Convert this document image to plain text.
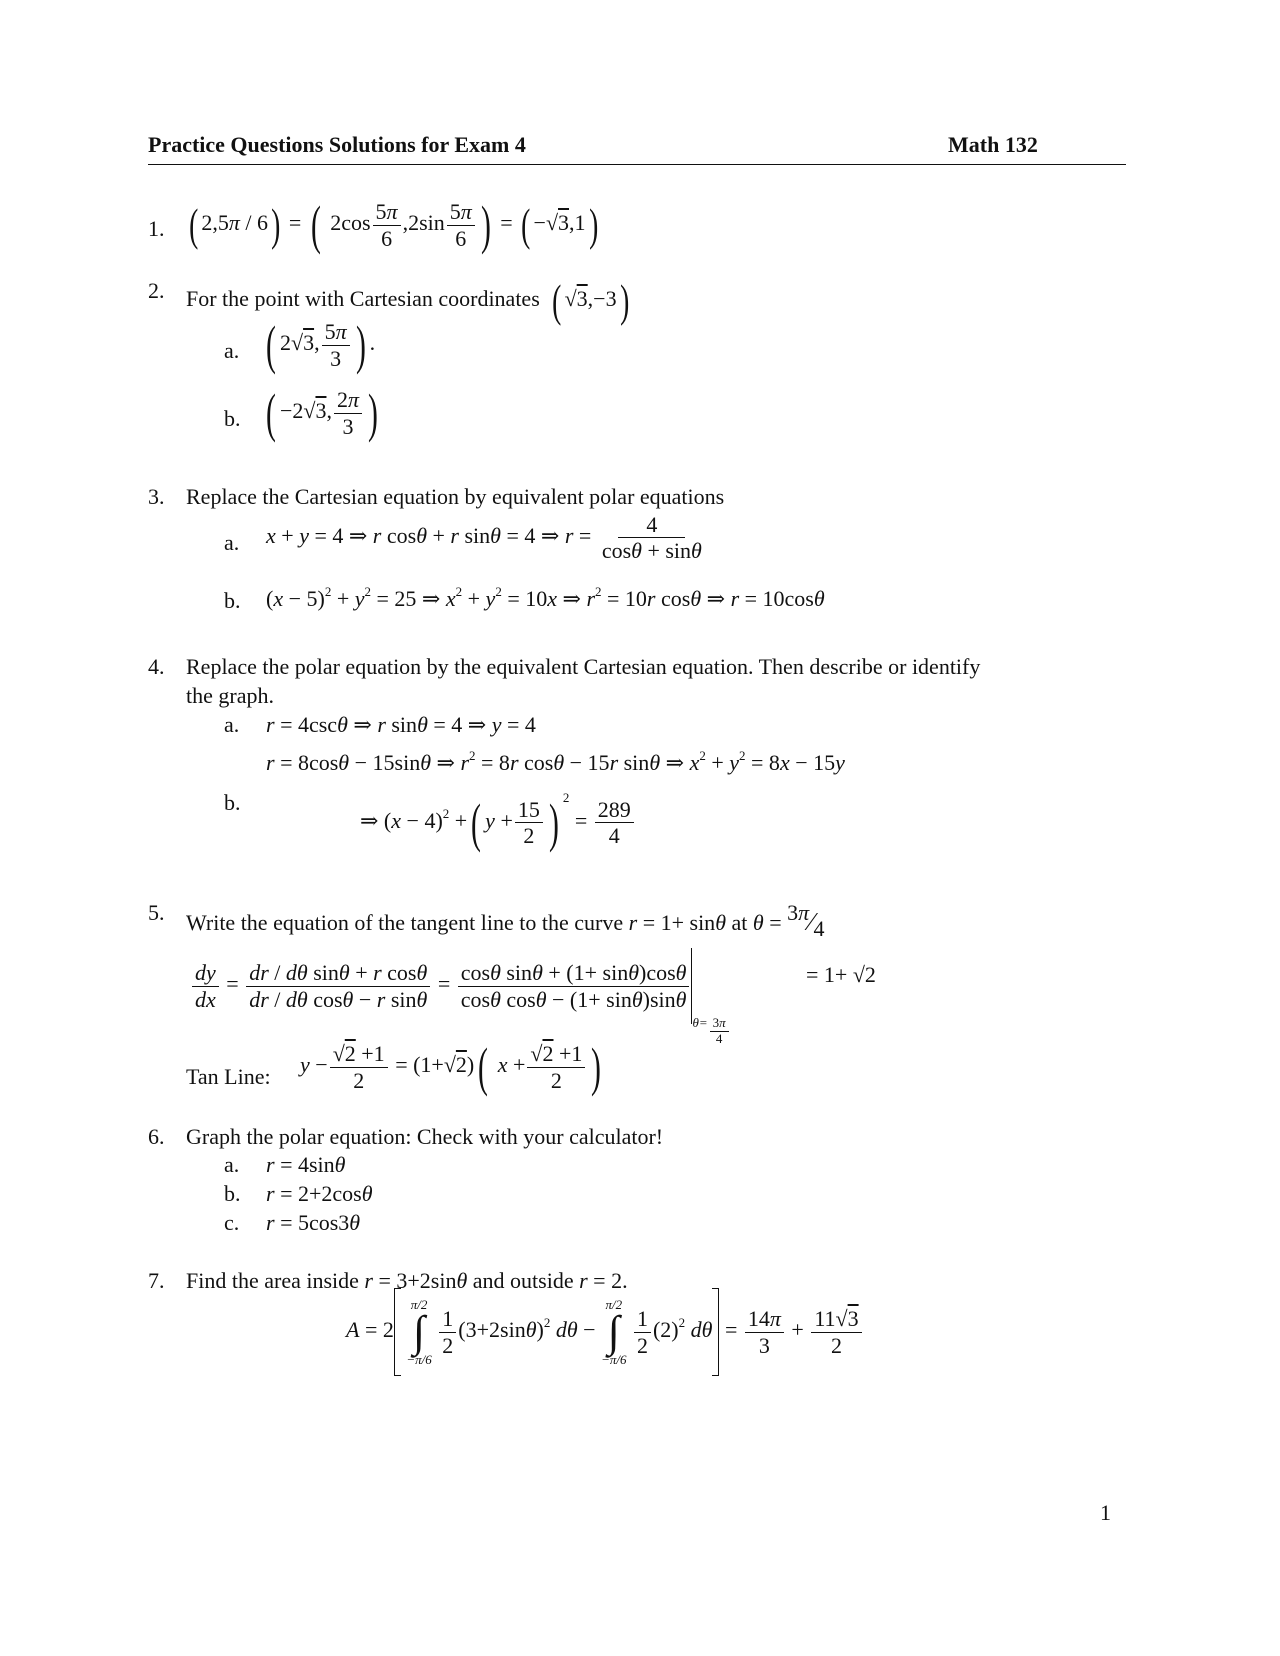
Practice Questions Solutions for Exam 4	Math 132
1. ( 2,5π / 6) = ( $2\cos \frac{5\pi}{6} ,2\sin \frac{5\pi}{6}$ ) = ( −√3,1)
2. For the point with Cartesian coordinates ( √3,−3)
a. ( 2√3, $\frac{5\pi}{3}$ ) .
b. ( −2√3, $\frac{2\pi}{3}$ )
3. Replace the Cartesian equation by equivalent polar equations
a. x + y = 4 ⇒ r cosθ + r sinθ = 4 ⇒ $r = \frac{4}{\cos\theta + \sin\theta}$
b. $(x - 5)^2 + y^2 = 25$ ⇒ $x^2 + y^2 = 10x$ ⇒ $r^2 = 10r$ cosθ ⇒ r = 10cosθ
4. Replace the polar equation by the equivalent Cartesian equation. Then describe or identify
the graph.
a. r = 4cscθ ⇒ r sinθ = 4 ⇒ y = 4
r = 8cosθ − 15sinθ ⇒ $r^2 = 8r$ cosθ − 15r sinθ ⇒ $x^2 + y^2 = 8x - 15y$
b.
⇒ $(x - 4)^2$ +( $y + \frac{15}{2}$ ) $^2 = \frac{289}{4}$
5. Write the equation of the tangent line to the curve r = 1+ sinθ at θ = 3π∕4
$\frac{dy}{dx} = \frac{\text{dr / dθ sinθ + r cosθ}}{\text{dr / dθ cosθ − r sinθ}} = \frac{\text{cosθ sinθ + (1+ sinθ)cosθ}}{\text{cosθ cosθ − (1+ sinθ)sinθ}}$
$_{\theta=} \frac{3\pi}{4}$
= 1+ √2
Tan Line: $y - \frac{√2 +1}{2} = (1+√2)$( $x + \frac{√2 +1}{2}$ )
6. Graph the polar equation: Check with your calculator!
a. r = 4sinθ
b. r = 2+2cosθ
c. r = 5cos3θ
7. Find the area inside r = 3+2sinθ and outside r = 2.
A = 2
π/2
∫
−π/6

$\frac{1}{2} (3+2\sin\theta)^2$ dθ −
π/2
∫
−π/6

$\frac{1}{2} (2)^2$ $d\theta = \frac{14\pi}{3} + \frac{11√3}{2}$
1
(2,5π / 6) = ( 2cos 5π/6 , 2sin 5π/6 ) = (−√3,1) (√3,−3) (2√3, 5π/3). (−2√3, 2π/3) x + y = 4 ⇒ r cosθ + r sinθ = 4 ⇒ r = 4 / (cosθ + sinθ) (x − 5)² + y² = 25 ⇒ x² + y² = 10x ⇒ r² = 10r cosθ ⇒ r = 10cosθ r = 4cscθ ⇒ r sinθ = 4 ⇒ y = 4 r = 8cosθ − 15sinθ ⇒ r² = 8r cosθ − 15r sinθ ⇒ x² + y² = 8x − 15y ⇒ (x − 4)² + (y + 15/2)² = 289/4 r = 1+ sinθ θ = 3π/4 dy/dx = (dr/dθ sinθ + r cosθ)/(dr/dθ cosθ − r sinθ) = (cosθ sinθ + (1+ sinθ)cosθ)/(cosθ cosθ − (1+ sinθ)sinθ) |θ=3π/4 = 1+ √2 y − (√2+1)/2 = (1+√2)( x + (√2+1)/2 ) r = 4sinθ r = 2+2cosθ r = 5cos3θ r = 3+2sinθ r = 2 A = 2[ ∫_{−π/6}^{π/2} 1/2 (3+2sinθ)² dθ − ∫_{−π/6}^{π/2} 1/2 (2)² dθ ] = 14π/3 + 11√3/2
